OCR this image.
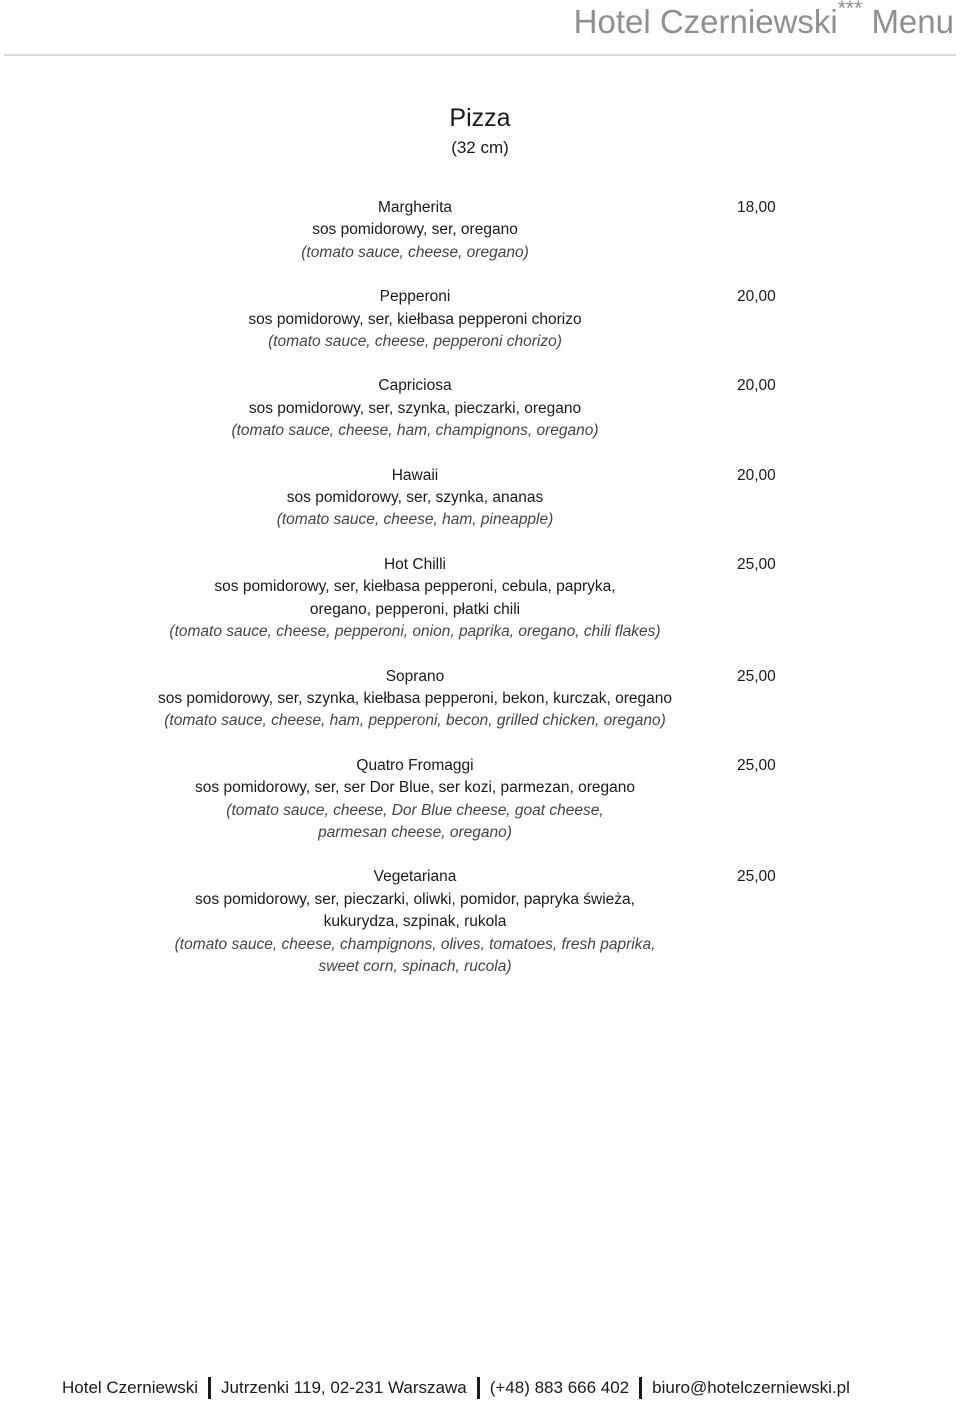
Hotel Czerniewski*** Menu
Pizza
(32 cm)
Margherita
sos pomidorowy, ser, oregano
(tomato sauce, cheese, oregano)
18,00
Pepperoni
sos pomidorowy, ser, kiełbasa pepperoni chorizo
(tomato sauce, cheese, pepperoni chorizo)
20,00
Capriciosa
sos pomidorowy, ser, szynka, pieczarki, oregano
(tomato sauce, cheese, ham, champignons, oregano)
20,00
Hawaii
sos pomidorowy, ser, szynka, ananas
(tomato sauce, cheese, ham, pineapple)
20,00
Hot Chilli
sos pomidorowy, ser, kiełbasa pepperoni, cebula, papryka,
oregano, pepperoni, płatki chili
(tomato sauce, cheese, pepperoni, onion, paprika, oregano, chili flakes)
25,00
Soprano
sos pomidorowy, ser, szynka, kiełbasa pepperoni, bekon, kurczak, oregano
(tomato sauce, cheese, ham, pepperoni, becon, grilled chicken, oregano)
25,00
Quatro Fromaggi
sos pomidorowy, ser, ser Dor Blue, ser kozi, parmezan, oregano
(tomato sauce, cheese, Dor Blue cheese, goat cheese,
parmesan cheese, oregano)
25,00
Vegetariana
sos pomidorowy, ser, pieczarki, oliwki, pomidor, papryka świeża,
kukurydza, szpinak, rukola
(tomato sauce, cheese, champignons, olives, tomatoes, fresh paprika,
sweet corn, spinach, rucola)
25,00
Hotel Czerniewski Jutrzenki 119, 02-231 Warszawa (+48) 883 666 402 biuro@hotelczerniewski.pl
